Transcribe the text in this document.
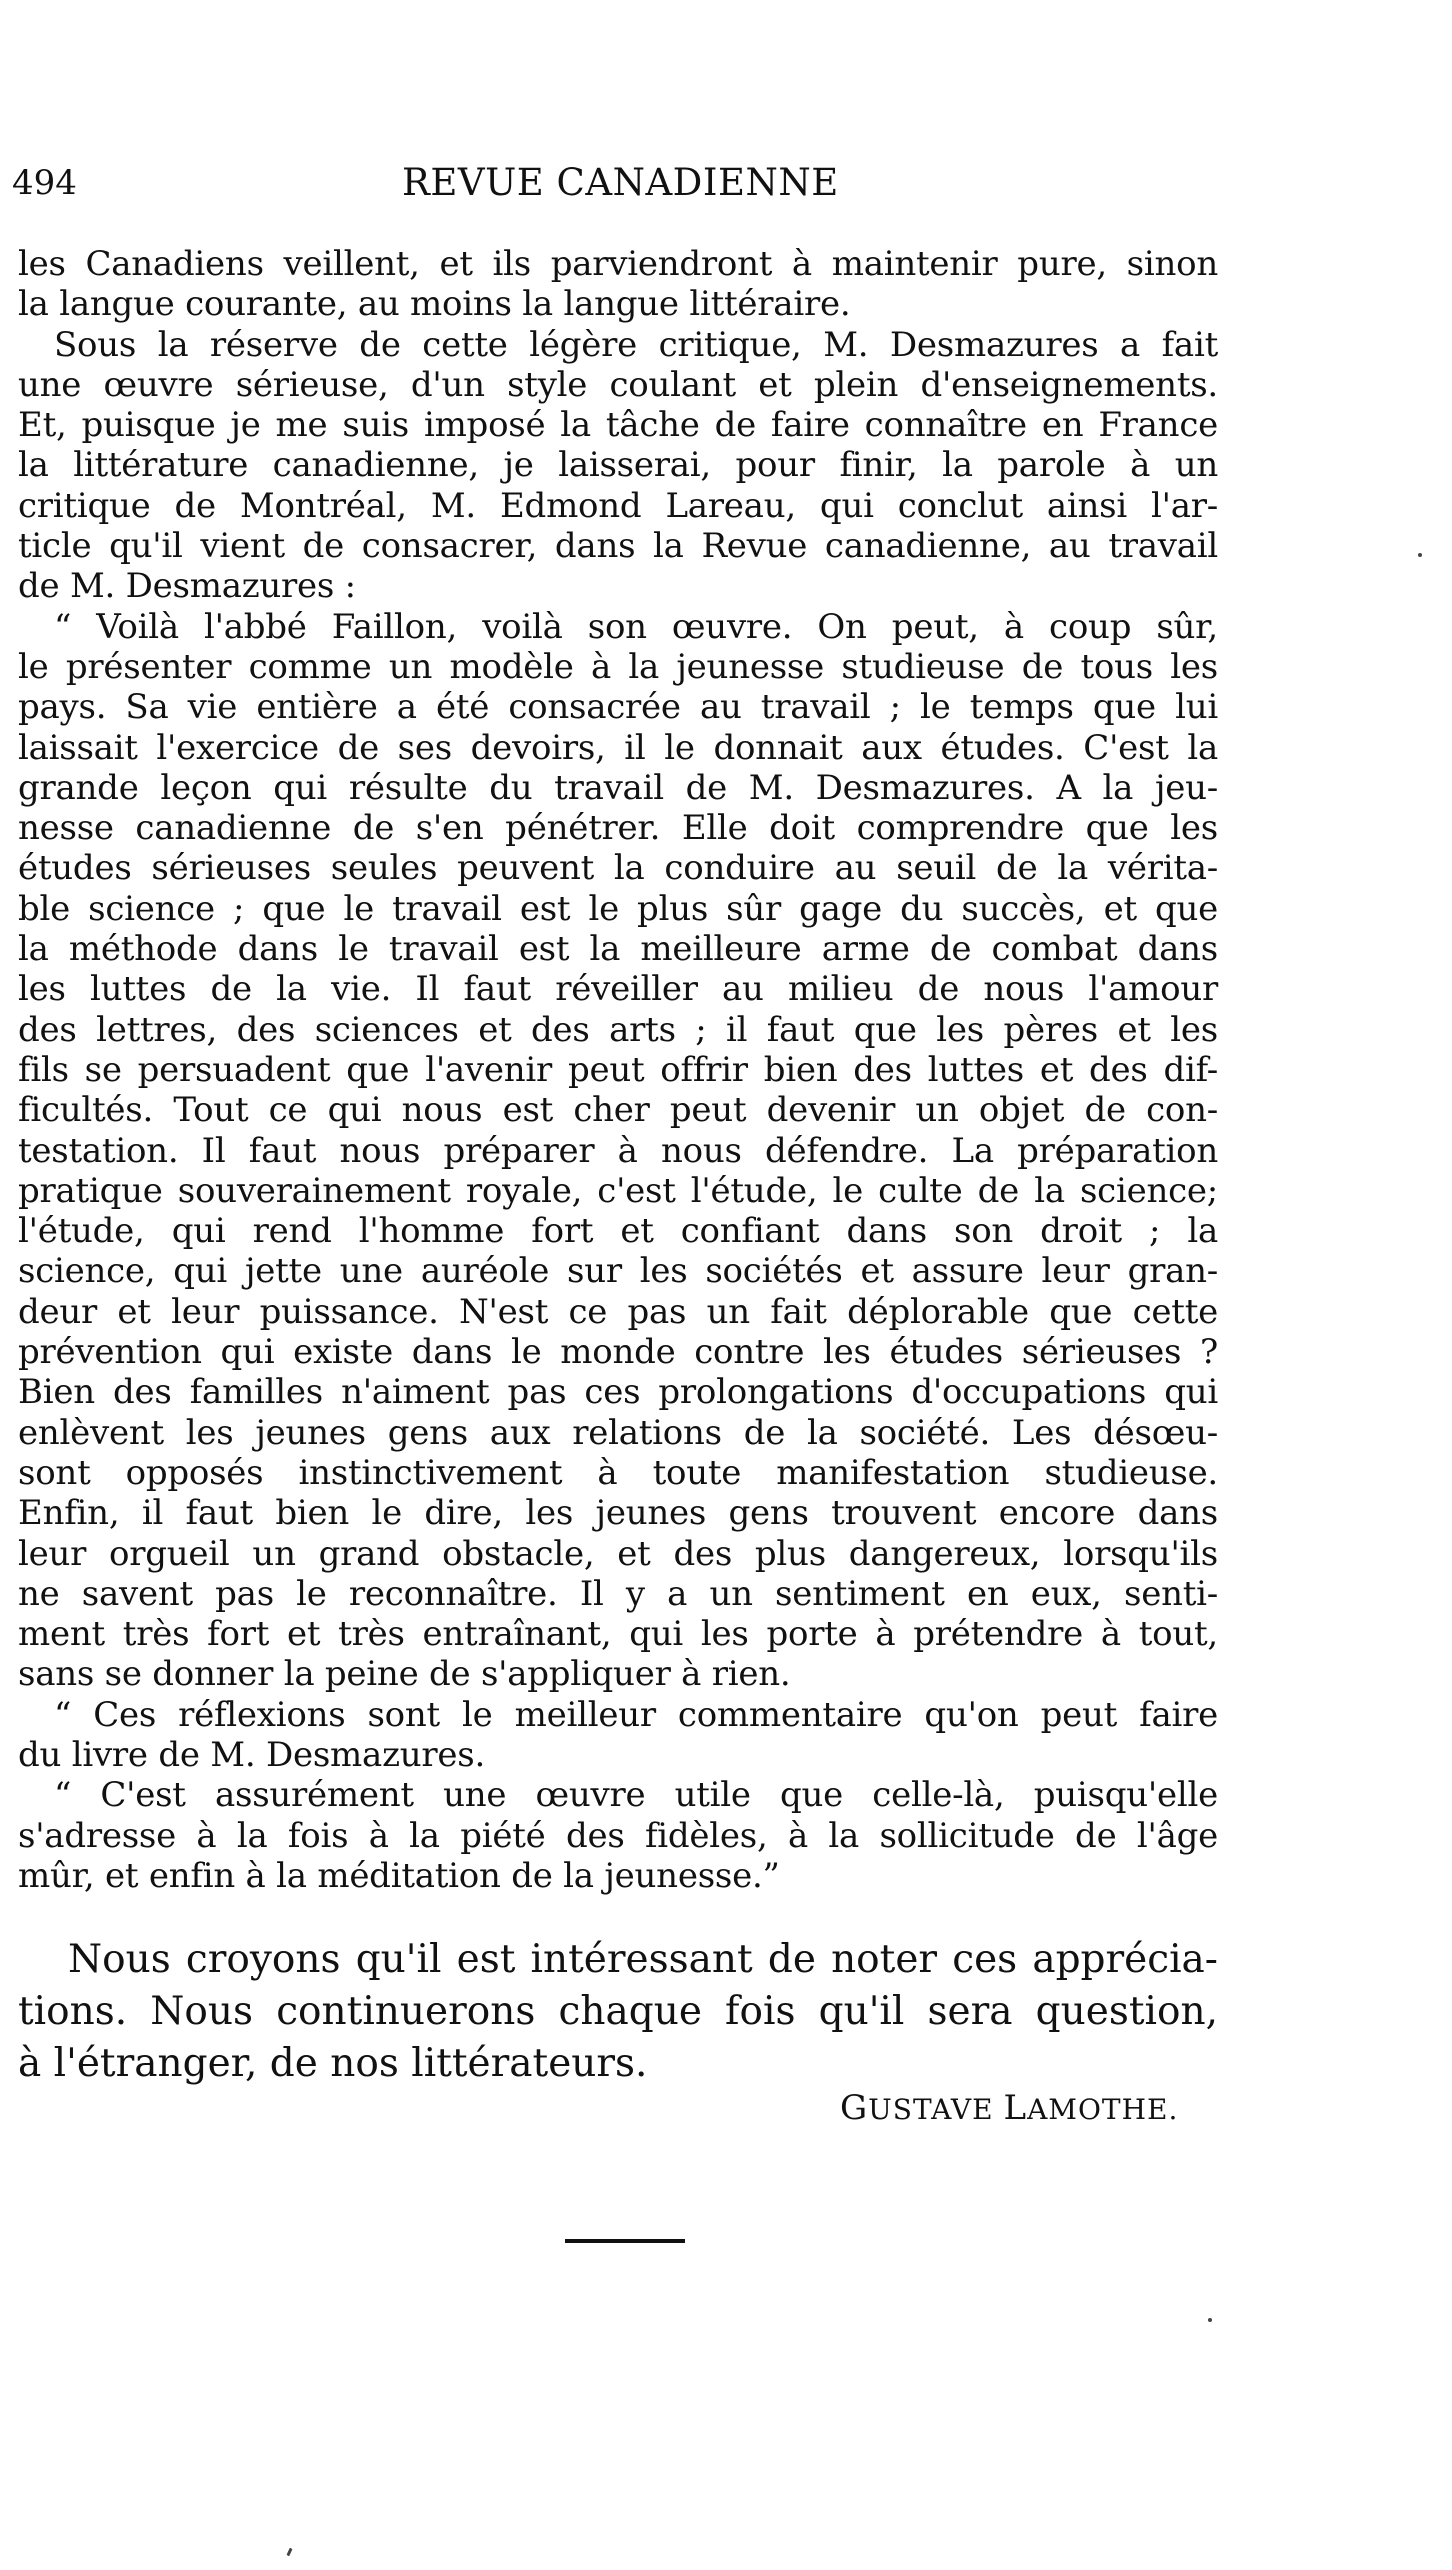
494	REVUE CANADIENNE
les Canadiens veillent, et ils parviendront à maintenir pure, sinon
la langue courante, au moins la langue littéraire.
Sous la réserve de cette légère critique, M. Desmazures a fait
une œuvre sérieuse, d'un style coulant et plein d'enseignements.
Et, puisque je me suis imposé la tâche de faire connaître en France
la littérature canadienne, je laisserai, pour finir, la parole à un
critique de Montréal, M. Edmond Lareau, qui conclut ainsi l'ar-
ticle qu'il vient de consacrer, dans la Revue canadienne, au travail
de M. Desmazures :
“ Voilà l'abbé Faillon, voilà son œuvre. On peut, à coup sûr,
le présenter comme un modèle à la jeunesse studieuse de tous les
pays. Sa vie entière a été consacrée au travail ; le temps que lui
laissait l'exercice de ses devoirs, il le donnait aux études. C'est la
grande leçon qui résulte du travail de M. Desmazures. A la jeu-
nesse canadienne de s'en pénétrer. Elle doit comprendre que les
études sérieuses seules peuvent la conduire au seuil de la vérita-
ble science ; que le travail est le plus sûr gage du succès, et que
la méthode dans le travail est la meilleure arme de combat dans
les luttes de la vie. Il faut réveiller au milieu de nous l'amour
des lettres, des sciences et des arts ; il faut que les pères et les
fils se persuadent que l'avenir peut offrir bien des luttes et des dif-
ficultés. Tout ce qui nous est cher peut devenir un objet de con-
testation. Il faut nous préparer à nous défendre. La préparation
pratique souverainement royale, c'est l'étude, le culte de la science;
l'étude, qui rend l'homme fort et confiant dans son droit ; la
science, qui jette une auréole sur les sociétés et assure leur gran-
deur et leur puissance. N'est ce pas un fait déplorable que cette
prévention qui existe dans le monde contre les études sérieuses ?
Bien des familles n'aiment pas ces prolongations d'occupations qui
enlèvent les jeunes gens aux relations de la société. Les désœu-
sont opposés instinctivement à toute manifestation studieuse.
Enfin, il faut bien le dire, les jeunes gens trouvent encore dans
leur orgueil un grand obstacle, et des plus dangereux, lorsqu'ils
ne savent pas le reconnaître. Il y a un sentiment en eux, senti-
ment très fort et très entraînant, qui les porte à prétendre à tout,
sans se donner la peine de s'appliquer à rien.
“ Ces réflexions sont le meilleur commentaire qu'on peut faire
du livre de M. Desmazures.
“ C'est assurément une œuvre utile que celle-là, puisqu'elle
s'adresse à la fois à la piété des fidèles, à la sollicitude de l'âge
mûr, et enfin à la méditation de la jeunesse.”
Nous croyons qu'il est intéressant de noter ces apprécia-
tions. Nous continuerons chaque fois qu'il sera question,
à l'étranger, de nos littérateurs.
GUSTAVE LAMOTHE.
